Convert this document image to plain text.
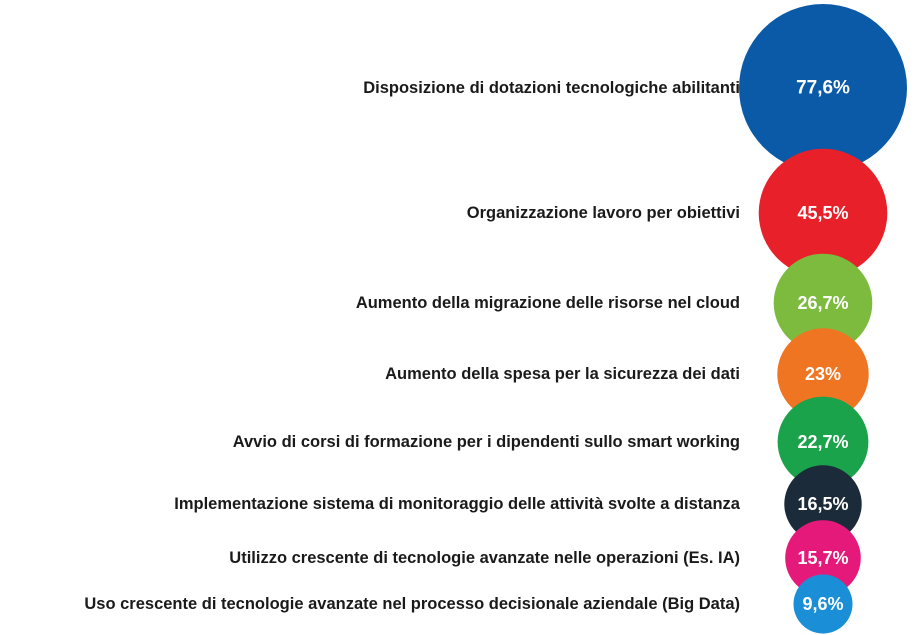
77,6%
Disposizione di dotazioni tecnologiche abilitanti
45,5%
Organizzazione lavoro per obiettivi
26,7%
Aumento della migrazione delle risorse nel cloud
23%
Aumento della spesa per la sicurezza dei dati
22,7%
Avvio di corsi di formazione per i dipendenti sullo smart working
16,5%
Implementazione sistema di monitoraggio delle attività svolte a distanza
15,7%
Utilizzo crescente di tecnologie avanzate nelle operazioni (Es. IA)
9,6%
Uso crescente di tecnologie avanzate nel processo decisionale aziendale (Big Data)
